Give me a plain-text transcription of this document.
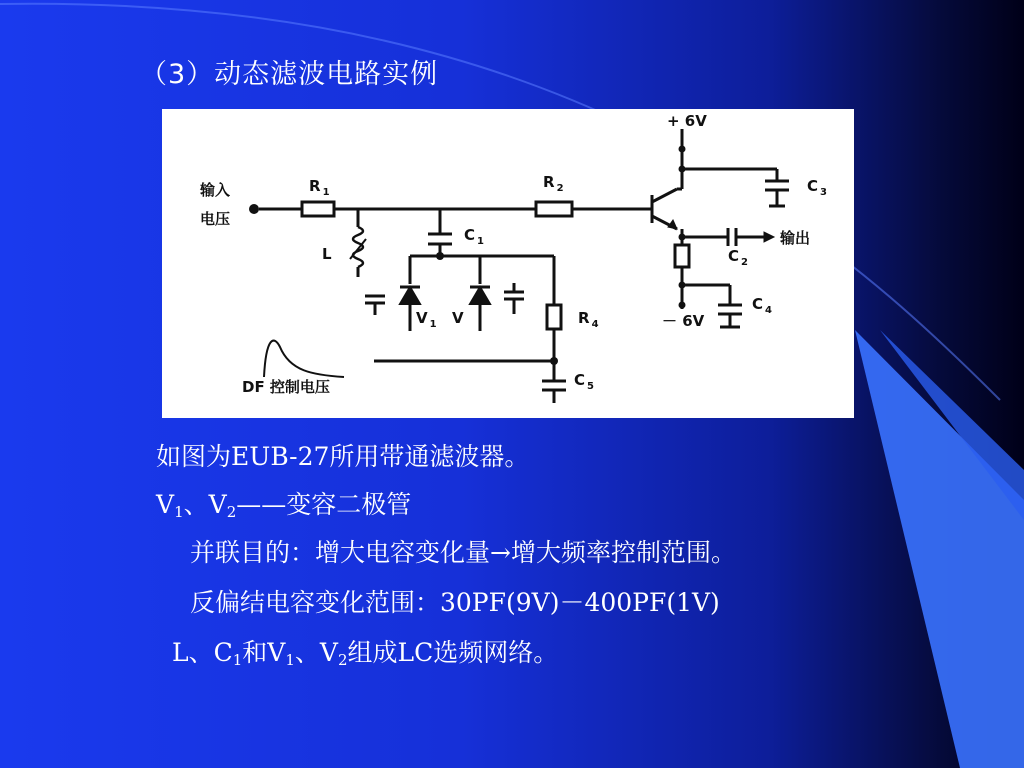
（3）动态滤波电路实例
输入
电压
R $_1$
R $_2$
L
C $_1$
V $_1$ V	R $_4$
C $_5$
+ 6V
－ 6V
C $_3$
C $_2$
C $_4$
输出
DF 控制电压
如图为EUB-27所用带通滤波器。
$V_1$、$V_2——$变容二极管
并联目的：增大电容变化量→增大频率控制范围。
反偏结电容变化范围：30PF(9V)－400PF(1V)
L、$C_1$和$V_1$、$V_2$组成LC选频网络。
